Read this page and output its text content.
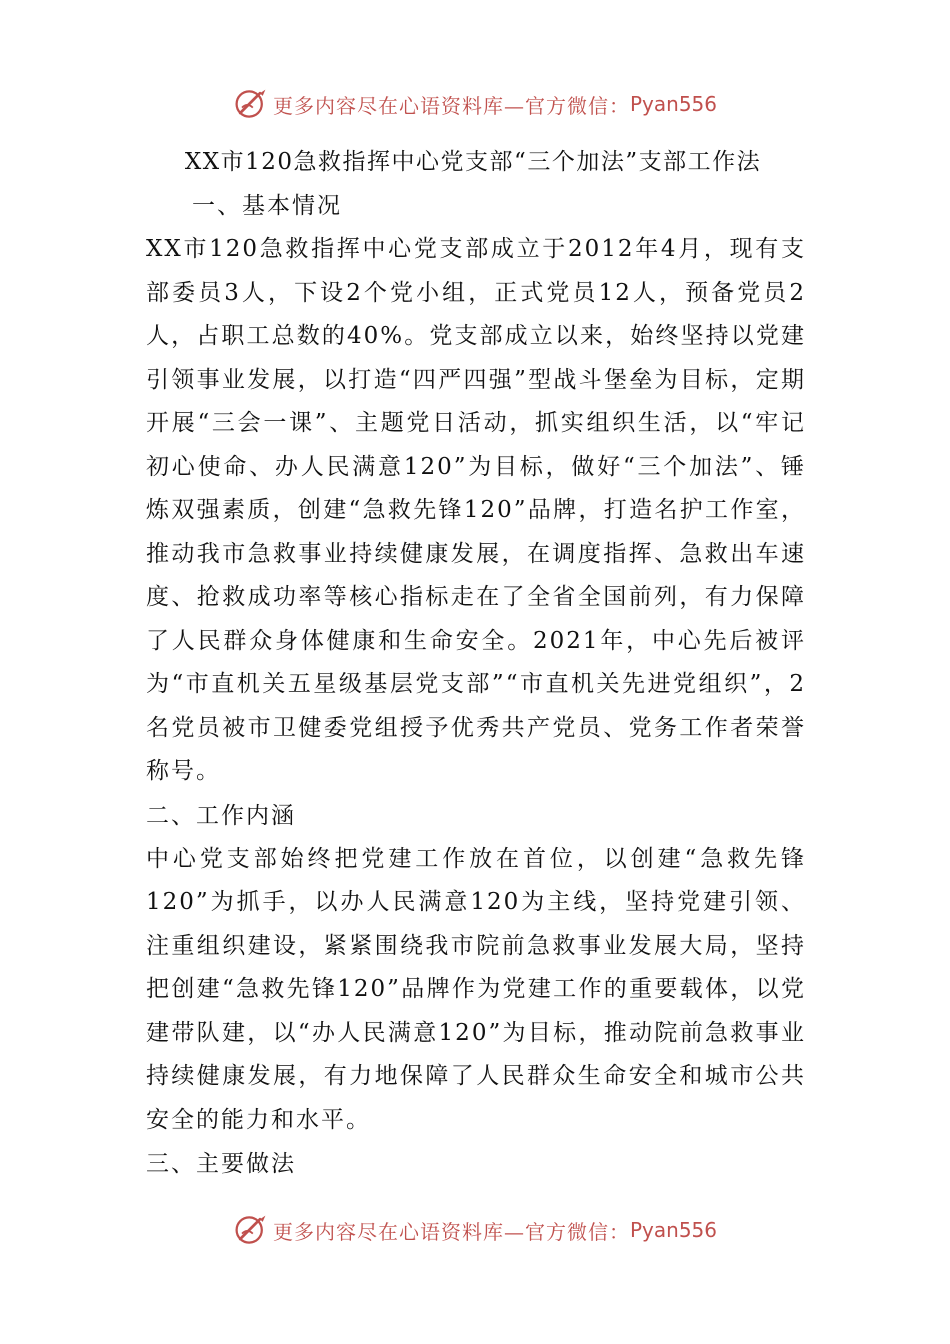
更多内容尽在心语资料库—官方微信： Pyan556
XX市120急救指挥中心党支部“三个加法”支部工作法
一、基本情况
XX市120急救指挥中心党支部成立于2012年4月，现有支部委员3人，下设2个党小组，正式党员12人，预备党员2人，占职工总数的40%。党支部成立以来，始终坚持以党建引领事业发展，以打造“四严四强”型战斗堡垒为目标，定期开展“三会一课”、主题党日活动，抓实组织生活，以“牢记初心使命、办人民满意120”为目标，做好“三个加法”、锤炼双强素质，创建“急救先锋120”品牌，打造名护工作室，推动我市急救事业持续健康发展，在调度指挥、急救出车速度、抢救成功率等核心指标走在了全省全国前列，有力保障了人民群众身体健康和生命安全。2021年，中心先后被评为“市直机关五星级基层党支部”“市直机关先进党组织”，2名党员被市卫健委党组授予优秀共产党员、党务工作者荣誉称号。
二、工作内涵
中心党支部始终把党建工作放在首位，以创建“急救先锋120”为抓手，以办人民满意120为主线，坚持党建引领、注重组织建设，紧紧围绕我市院前急救事业发展大局，坚持把创建“急救先锋120”品牌作为党建工作的重要载体，以党建带队建，以“办人民满意120”为目标，推动院前急救事业持续健康发展，有力地保障了人民群众生命安全和城市公共安全的能力和水平。
三、主要做法
更多内容尽在心语资料库—官方微信： Pyan556
